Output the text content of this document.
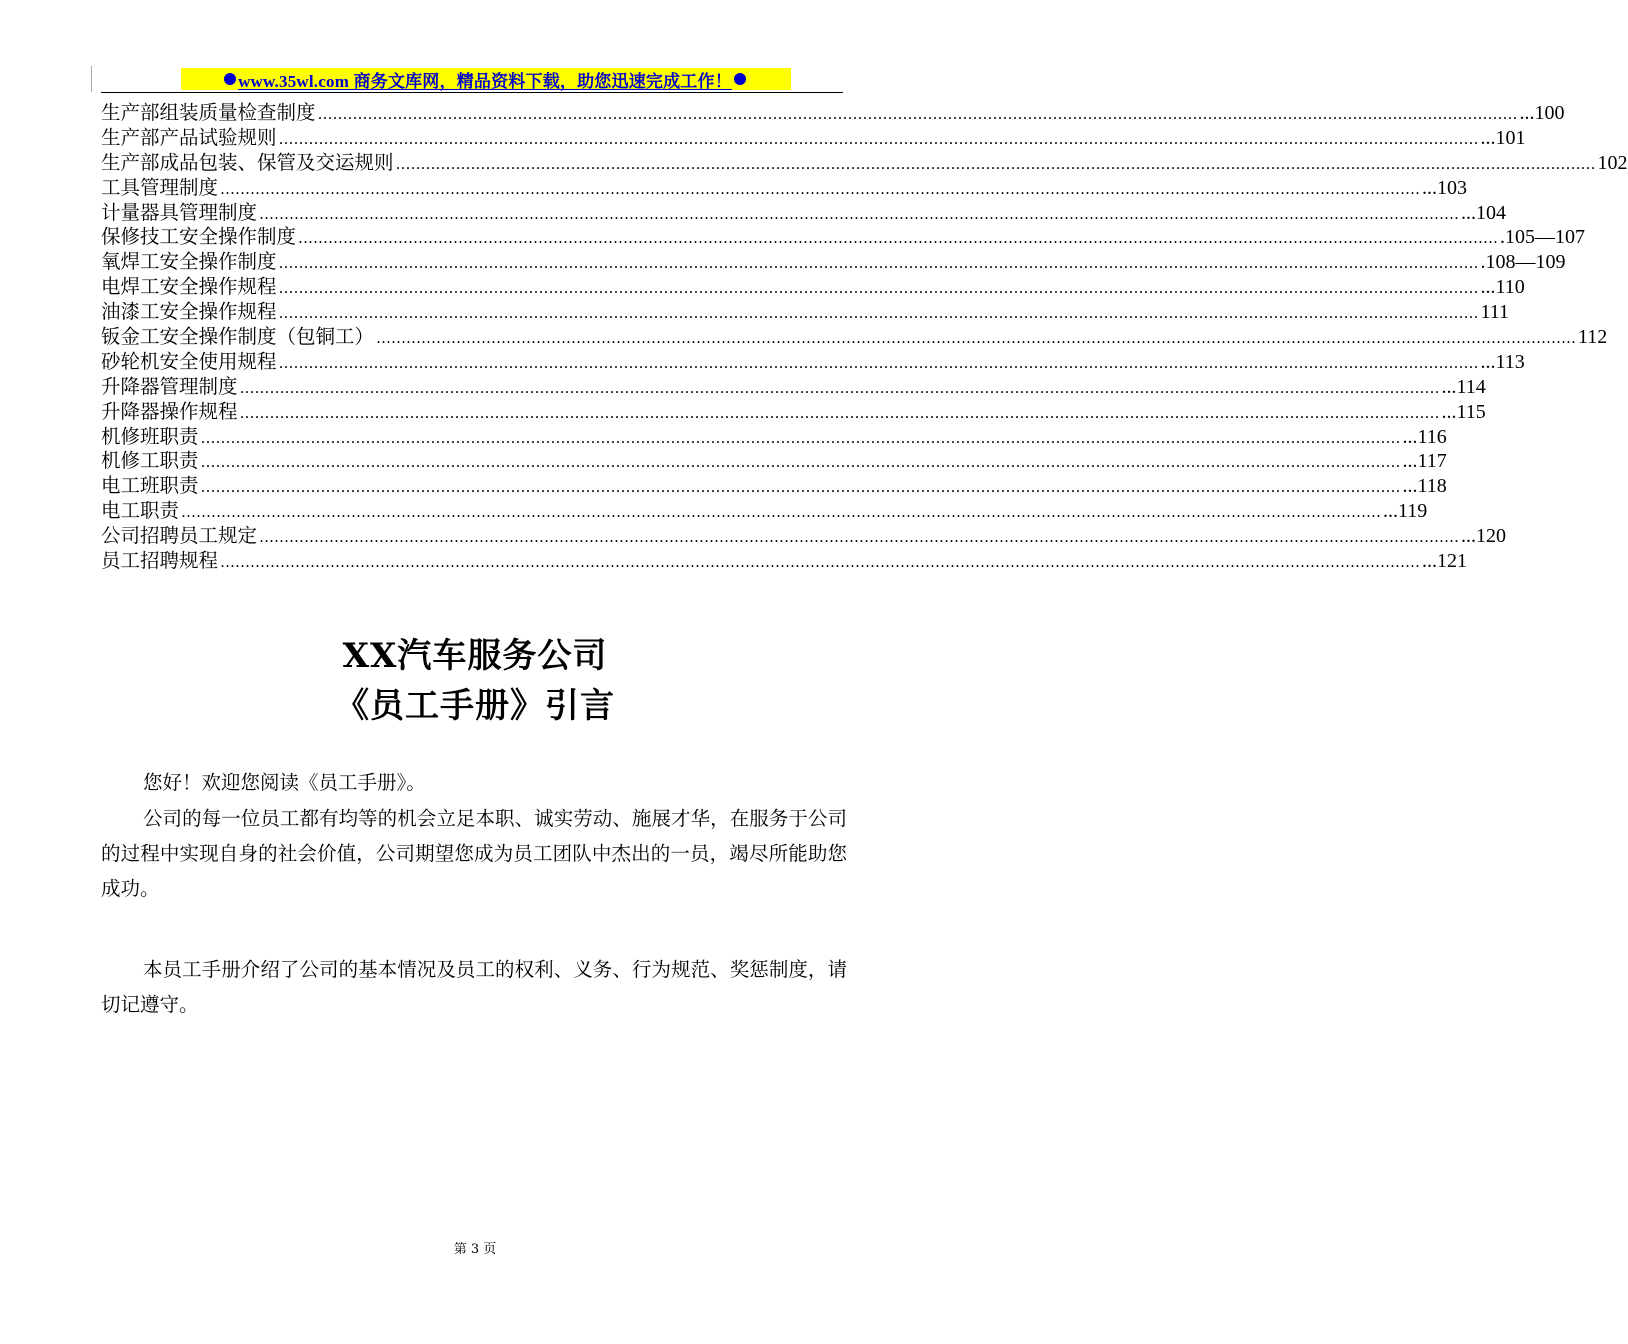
www.35wl.com 商务文库网，精品资料下载，助您迅速完成工作！
生产部组装质量检查制度 …………………………………………………………………………………………………………………………………………………………………………………………………………………… ...100
生产部产品试验规则 …………………………………………………………………………………………………………………………………………………………………………………………………………………… ...101
生产部成品包装、保管及交运规则 …………………………………………………………………………………………………………………………………………………………………………………………………………………… 102
工具管理制度 …………………………………………………………………………………………………………………………………………………………………………………………………………………… ...103
计量器具管理制度 …………………………………………………………………………………………………………………………………………………………………………………………………………………… ...104
保修技工安全操作制度 …………………………………………………………………………………………………………………………………………………………………………………………………………………… .105—107
氧焊工安全操作制度 …………………………………………………………………………………………………………………………………………………………………………………………………………………… .108—109
电焊工安全操作规程 …………………………………………………………………………………………………………………………………………………………………………………………………………………… ...110
油漆工安全操作规程 …………………………………………………………………………………………………………………………………………………………………………………………………………………… 111
钣金工安全操作制度（包铜工） …………………………………………………………………………………………………………………………………………………………………………………………………………………… 112
砂轮机安全使用规程 …………………………………………………………………………………………………………………………………………………………………………………………………………………… ...113
升降器管理制度 …………………………………………………………………………………………………………………………………………………………………………………………………………………… ...114
升降器操作规程 …………………………………………………………………………………………………………………………………………………………………………………………………………………… ...115
机修班职责 …………………………………………………………………………………………………………………………………………………………………………………………………………………… ...116
机修工职责 …………………………………………………………………………………………………………………………………………………………………………………………………………………… ...117
电工班职责 …………………………………………………………………………………………………………………………………………………………………………………………………………………… ...118
电工职责 …………………………………………………………………………………………………………………………………………………………………………………………………………………… ...119
公司招聘员工规定 …………………………………………………………………………………………………………………………………………………………………………………………………………………… ...120
员工招聘规程 …………………………………………………………………………………………………………………………………………………………………………………………………………………… ...121
XX汽车服务公司
《员工手册》引言
您好！欢迎您阅读《员工手册》。
公司的每一位员工都有均等的机会立足本职、诚实劳动、施展才华，在服务于公司的过程中实现自身的社会价值，公司期望您成为员工团队中杰出的一员，竭尽所能助您成功。
本员工手册介绍了公司的基本情况及员工的权利、义务、行为规范、奖惩制度，请切记遵守。
第 3 页
